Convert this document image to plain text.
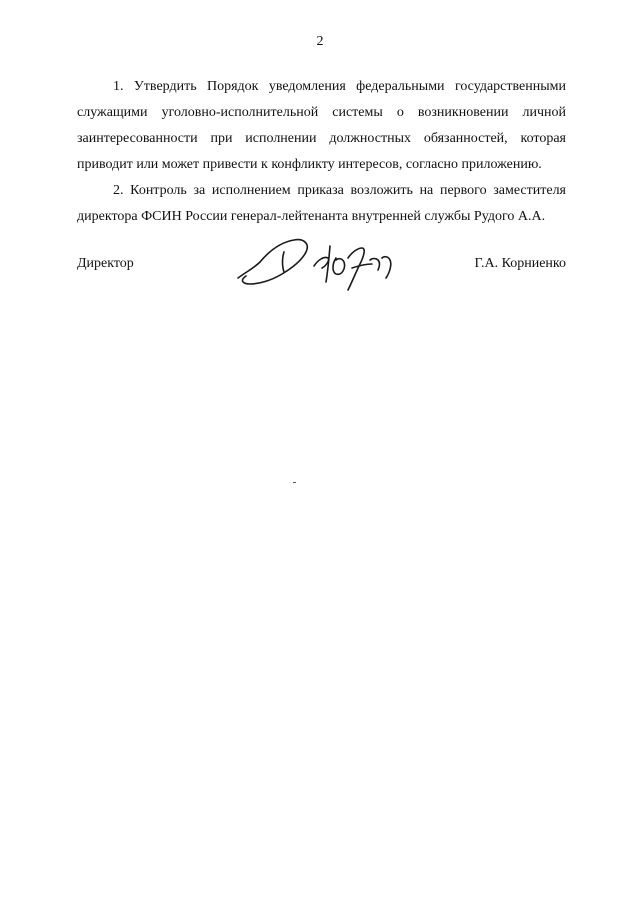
2

1. Утвердить Порядок уведомления федеральными государственными служащими уголовно-исполнительной системы о возникновении личной заинтересованности при исполнении должностных обязанностей, которая приводит или может привести к конфликту интересов, согласно приложению.

2. Контроль за исполнением приказа возложить на первого заместителя директора ФСИН России генерал-лейтенанта внутренней службы Рудого А.А.

Директор	Г.А. Корниенко
